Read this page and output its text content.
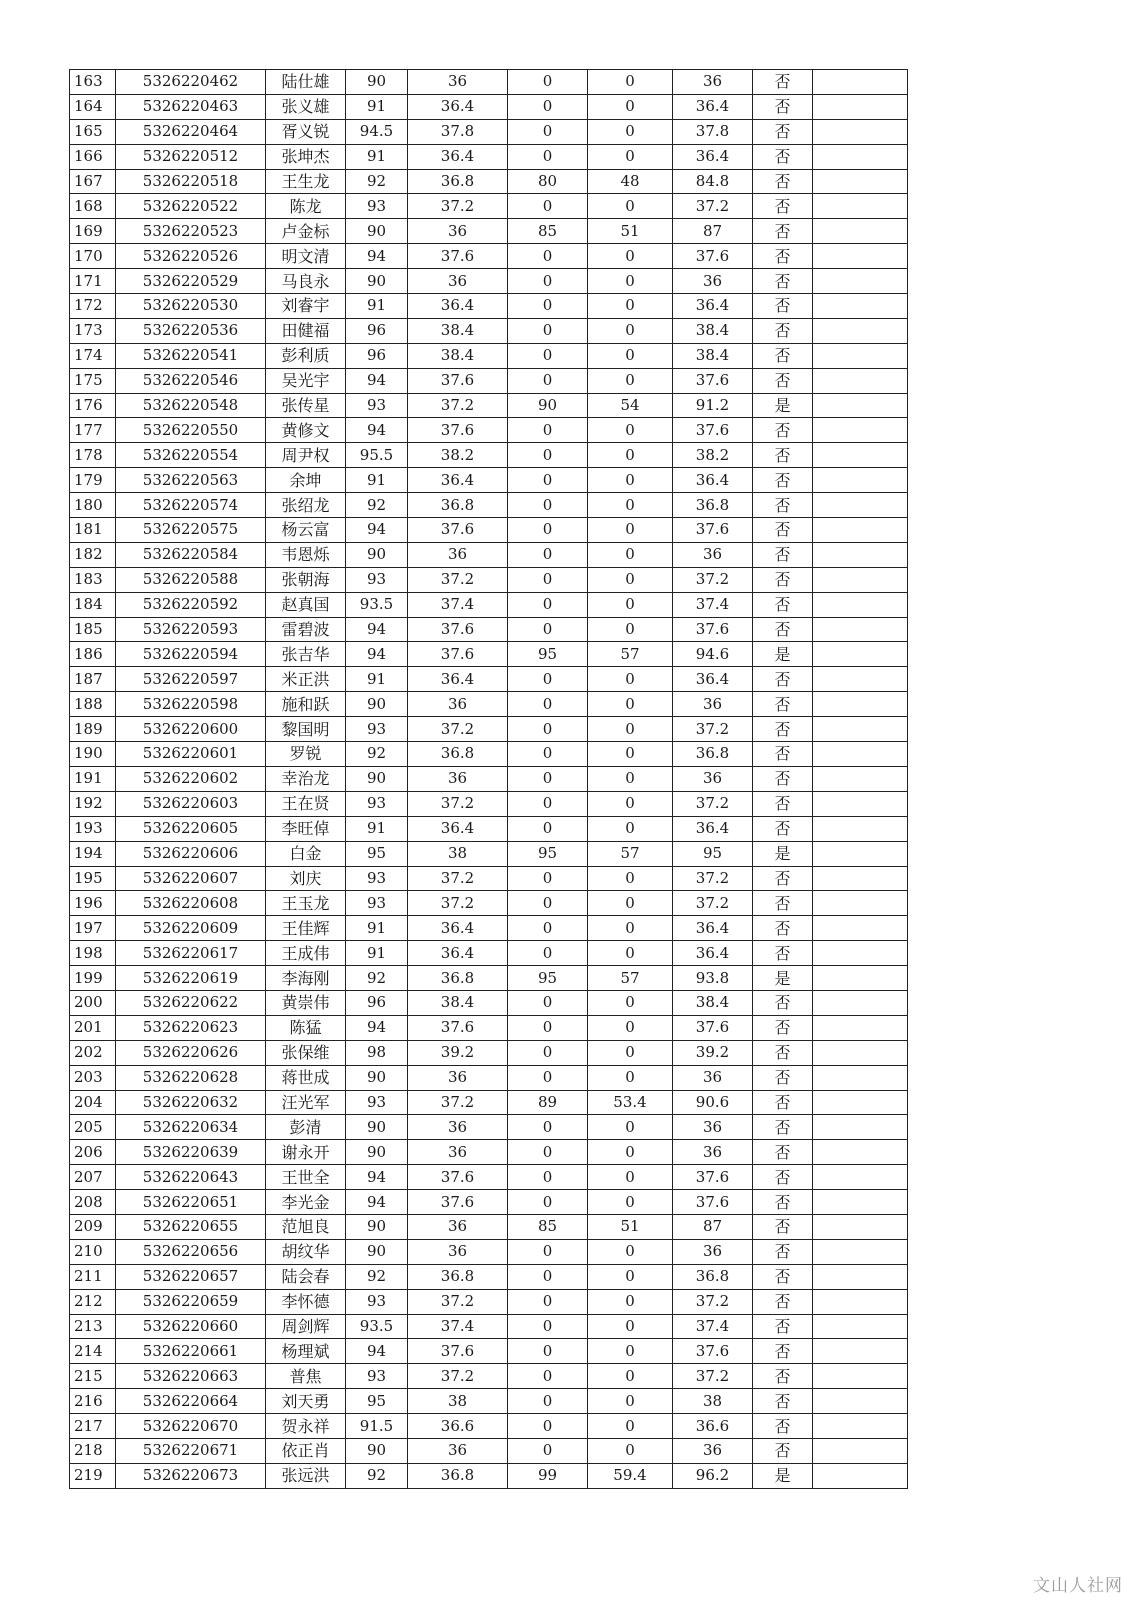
163	5326220462	陆仕雄	90	36	0	0	36	否	
164	5326220463	张义雄	91	36.4	0	0	36.4	否	
165	5326220464	胥义锐	94.5	37.8	0	0	37.8	否	
166	5326220512	张坤杰	91	36.4	0	0	36.4	否	
167	5326220518	王生龙	92	36.8	80	48	84.8	否	
168	5326220522	陈龙	93	37.2	0	0	37.2	否	
169	5326220523	卢金标	90	36	85	51	87	否	
170	5326220526	明文清	94	37.6	0	0	37.6	否	
171	5326220529	马良永	90	36	0	0	36	否	
172	5326220530	刘睿宇	91	36.4	0	0	36.4	否	
173	5326220536	田健福	96	38.4	0	0	38.4	否	
174	5326220541	彭利质	96	38.4	0	0	38.4	否	
175	5326220546	吴光宇	94	37.6	0	0	37.6	否	
176	5326220548	张传星	93	37.2	90	54	91.2	是	
177	5326220550	黄修文	94	37.6	0	0	37.6	否	
178	5326220554	周尹权	95.5	38.2	0	0	38.2	否	
179	5326220563	余坤	91	36.4	0	0	36.4	否	
180	5326220574	张绍龙	92	36.8	0	0	36.8	否	
181	5326220575	杨云富	94	37.6	0	0	37.6	否	
182	5326220584	韦恩烁	90	36	0	0	36	否	
183	5326220588	张朝海	93	37.2	0	0	37.2	否	
184	5326220592	赵真国	93.5	37.4	0	0	37.4	否	
185	5326220593	雷碧波	94	37.6	0	0	37.6	否	
186	5326220594	张吉华	94	37.6	95	57	94.6	是	
187	5326220597	米正洪	91	36.4	0	0	36.4	否	
188	5326220598	施和跃	90	36	0	0	36	否	
189	5326220600	黎国明	93	37.2	0	0	37.2	否	
190	5326220601	罗锐	92	36.8	0	0	36.8	否	
191	5326220602	幸治龙	90	36	0	0	36	否	
192	5326220603	王在贤	93	37.2	0	0	37.2	否	
193	5326220605	李旺倬	91	36.4	0	0	36.4	否	
194	5326220606	白金	95	38	95	57	95	是	
195	5326220607	刘庆	93	37.2	0	0	37.2	否	
196	5326220608	王玉龙	93	37.2	0	0	37.2	否	
197	5326220609	王佳辉	91	36.4	0	0	36.4	否	
198	5326220617	王成伟	91	36.4	0	0	36.4	否	
199	5326220619	李海刚	92	36.8	95	57	93.8	是	
200	5326220622	黄崇伟	96	38.4	0	0	38.4	否	
201	5326220623	陈猛	94	37.6	0	0	37.6	否	
202	5326220626	张保维	98	39.2	0	0	39.2	否	
203	5326220628	蒋世成	90	36	0	0	36	否	
204	5326220632	汪光军	93	37.2	89	53.4	90.6	否	
205	5326220634	彭清	90	36	0	0	36	否	
206	5326220639	谢永开	90	36	0	0	36	否	
207	5326220643	王世全	94	37.6	0	0	37.6	否	
208	5326220651	李光金	94	37.6	0	0	37.6	否	
209	5326220655	范旭良	90	36	85	51	87	否	
210	5326220656	胡纹华	90	36	0	0	36	否	
211	5326220657	陆会春	92	36.8	0	0	36.8	否	
212	5326220659	李怀德	93	37.2	0	0	37.2	否	
213	5326220660	周剑辉	93.5	37.4	0	0	37.4	否	
214	5326220661	杨理斌	94	37.6	0	0	37.6	否	
215	5326220663	普焦	93	37.2	0	0	37.2	否	
216	5326220664	刘天勇	95	38	0	0	38	否	
217	5326220670	贺永祥	91.5	36.6	0	0	36.6	否	
218	5326220671	依正肖	90	36	0	0	36	否	
219	5326220673	张远洪	92	36.8	99	59.4	96.2	是	
文山人社网
